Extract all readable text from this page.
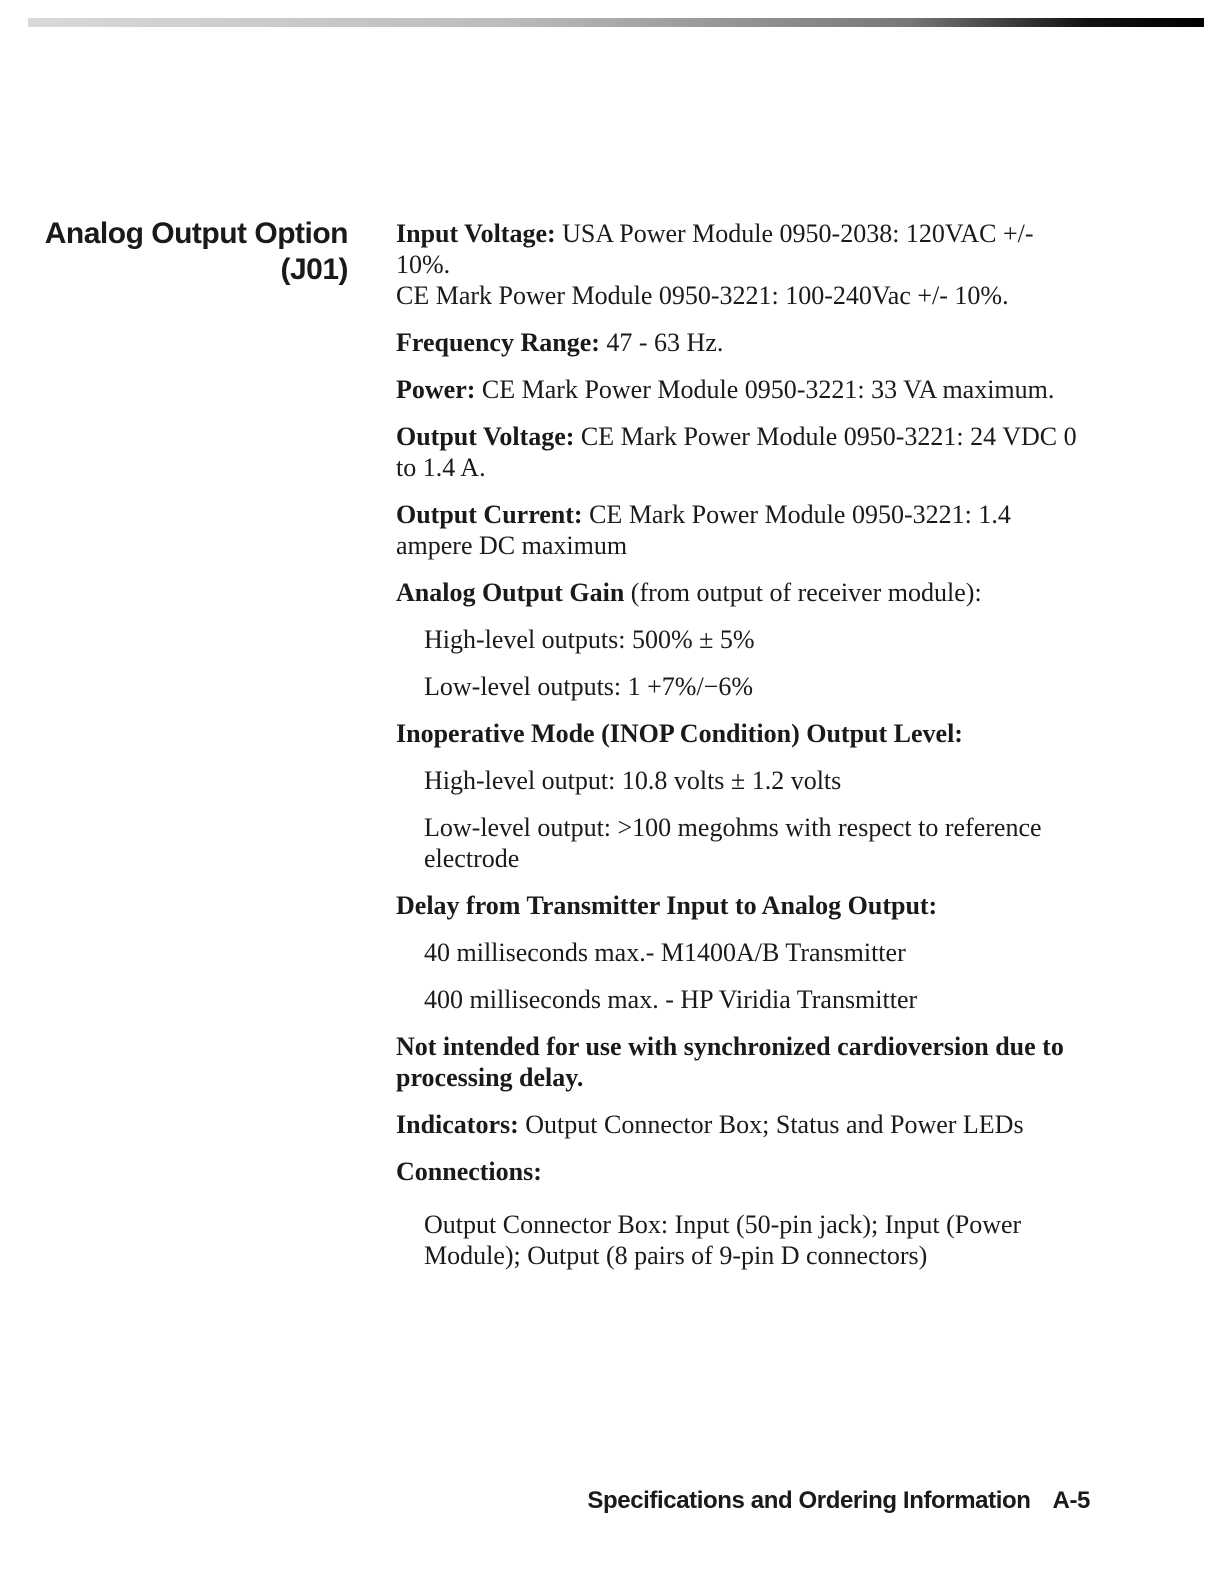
Analog Output Option
(J01)
Input Voltage: USA Power Module 0950-2038: 120VAC +/- 10%.
CE Mark Power Module 0950-3221: 100-240Vac +/- 10%.
Frequency Range: 47 - 63 Hz.
Power: CE Mark Power Module 0950-3221: 33 VA maximum.
Output Voltage: CE Mark Power Module 0950-3221: 24 VDC 0 to 1.4 A.
Output Current: CE Mark Power Module 0950-3221: 1.4 ampere DC maximum
Analog Output Gain (from output of receiver module):
High-level outputs: 500% ± 5%
Low-level outputs: 1 +7%/−6%
Inoperative Mode (INOP Condition) Output Level:
High-level output: 10.8 volts ± 1.2 volts
Low-level output: >100 megohms with respect to reference electrode
Delay from Transmitter Input to Analog Output:
40 milliseconds max.- M1400A/B Transmitter
400 milliseconds max. - HP Viridia Transmitter
Not intended for use with synchronized cardioversion due to processing delay.
Indicators: Output Connector Box; Status and Power LEDs
Connections:
Output Connector Box: Input (50-pin jack); Input (Power Module); Output (8 pairs of 9-pin D connectors)
Specifications and Ordering Information A-5
